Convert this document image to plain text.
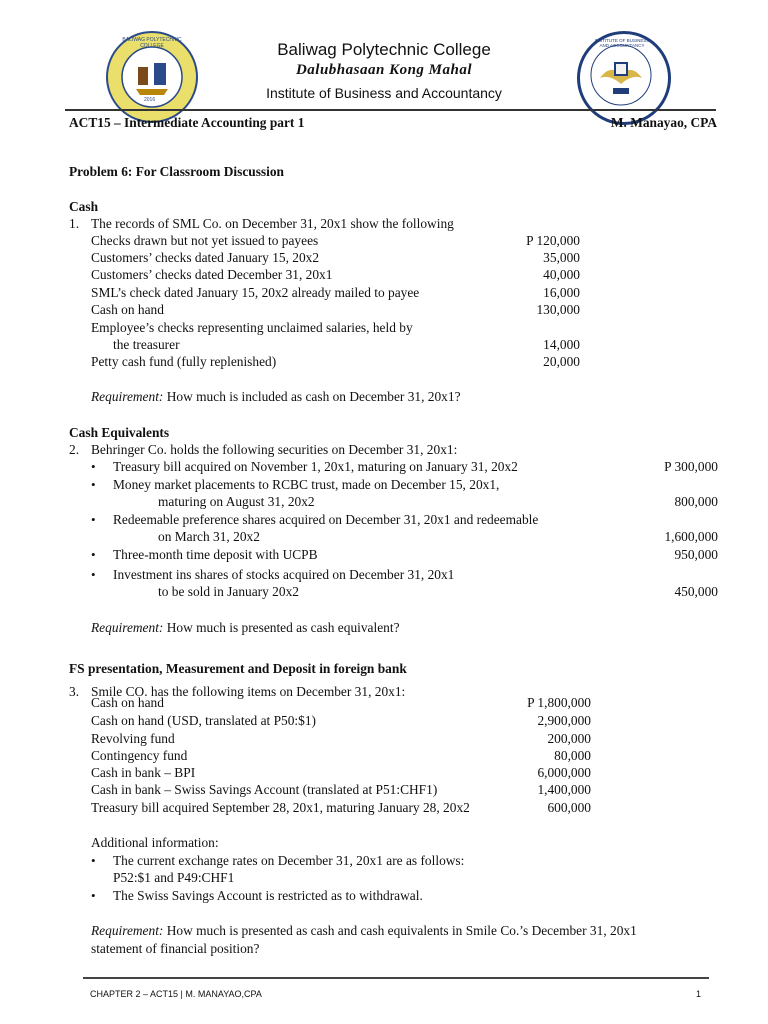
BALIWAG POLYTECHNIC COLLEGE
2016
Baliwag Polytechnic College
Dalubhasaan Kong Mahal
Institute of Business and Accountancy
INSTITUTE OF BUSINESS AND ACCOUNTANCY
ACT15 – Intermediate Accounting part 1	M. Manayao, CPA
Problem 6: For Classroom Discussion
Cash
1. The records of SML Co. on December 31, 20x1 show the following
Checks drawn but not yet issued to payees	P 120,000
Customers’ checks dated January 15, 20x2	35,000
Customers’ checks dated December 31, 20x1	40,000
SML’s check dated January 15, 20x2 already mailed to payee	16,000
Cash on hand	130,000
Employee’s checks representing unclaimed salaries, held by
the treasurer	14,000
Petty cash fund (fully replenished)	20,000
Requirement: How much is included as cash on December 31, 20x1?
Cash Equivalents
2. Behringer Co. holds the following securities on December 31, 20x1:
• Treasury bill acquired on November 1, 20x1, maturing on January 31, 20x2	P 300,000
• Money market placements to RCBC trust, made on December 15, 20x1,
maturing on August 31, 20x2	800,000
• Redeemable preference shares acquired on December 31, 20x1 and redeemable
on March 31, 20x2	1,600,000
• Three-month time deposit with UCPB	950,000
• Investment ins shares of stocks acquired on December 31, 20x1
to be sold in January 20x2	450,000
Requirement: How much is presented as cash equivalent?
FS presentation, Measurement and Deposit in foreign bank
3. Smile CO. has the following items on December 31, 20x1:
Cash on hand	P 1,800,000
Cash on hand (USD, translated at P50:$1)	2,900,000
Revolving fund	200,000
Contingency fund	80,000
Cash in bank – BPI	6,000,000
Cash in bank – Swiss Savings Account (translated at P51:CHF1)	1,400,000
Treasury bill acquired September 28, 20x1, maturing January 28, 20x2	600,000
Additional information:
• The current exchange rates on December 31, 20x1 are as follows:
P52:$1 and P49:CHF1
• The Swiss Savings Account is restricted as to withdrawal.
Requirement: How much is presented as cash and cash equivalents in Smile Co.’s December 31, 20x1
statement of financial position?
CHAPTER 2 – ACT15 | M. MANAYAO,CPA	1
